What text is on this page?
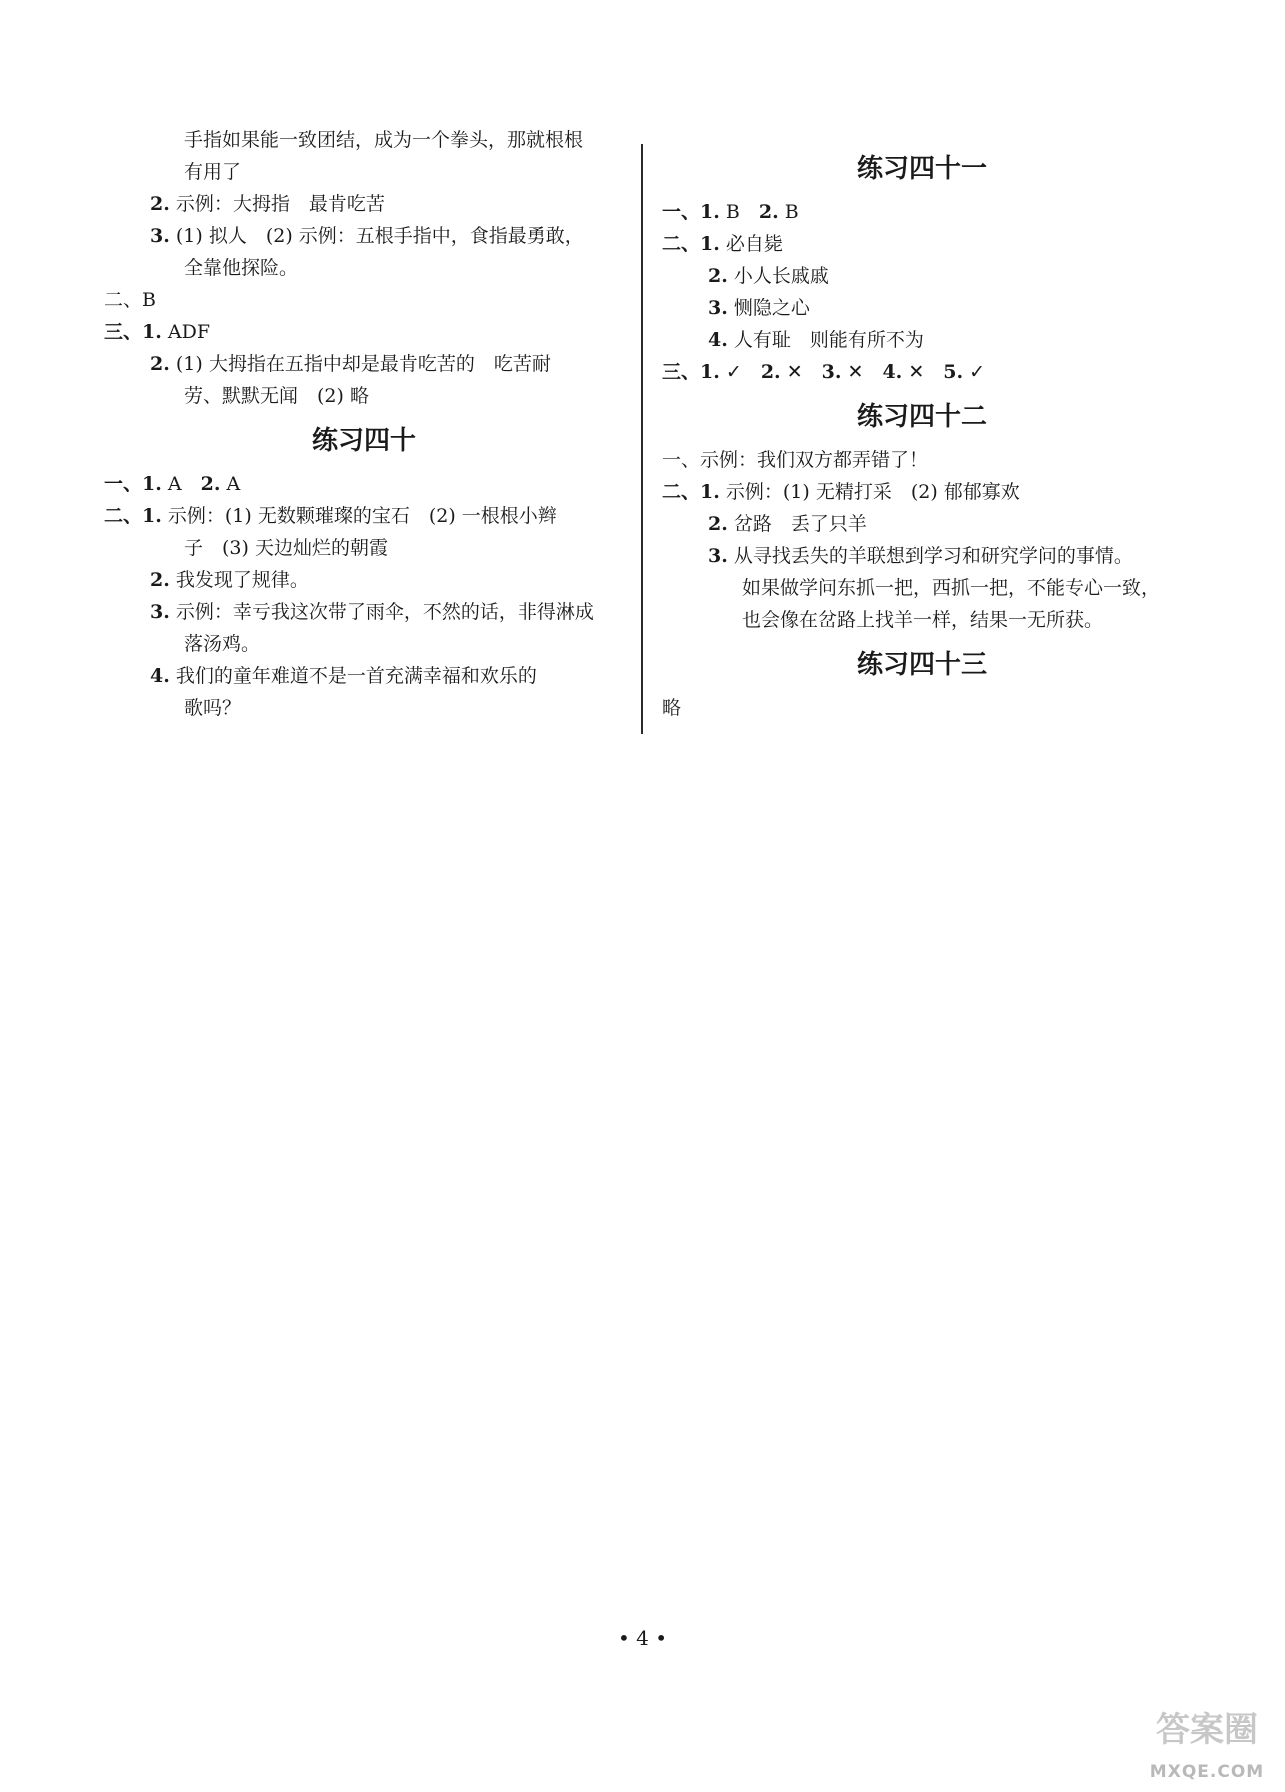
手指如果能一致团结，成为一个拳头，那就根根
有用了
2. 示例：大拇指　最肯吃苦
3. (1) 拟人　(2) 示例：五根手指中，食指最勇敢，
全靠他探险。
二、B
三、1. ADF
2. (1) 大拇指在五指中却是最肯吃苦的　吃苦耐
劳、默默无闻　(2) 略
练习四十
一、1. A　2. A
二、1. 示例：(1) 无数颗璀璨的宝石　(2) 一根根小辫
子　(3) 天边灿烂的朝霞
2. 我发现了规律。
3. 示例：幸亏我这次带了雨伞，不然的话，非得淋成
落汤鸡。
4. 我们的童年难道不是一首充满幸福和欢乐的
歌吗？
练习四十一
一、1. B　2. B
二、1. 必自毙
2. 小人长戚戚
3. 恻隐之心
4. 人有耻　则能有所不为
三、1. ✓　2. ✕　3. ✕　4. ✕　5. ✓
练习四十二
一、示例：我们双方都弄错了！
二、1. 示例：(1) 无精打采　(2) 郁郁寡欢
2. 岔路　丢了只羊
3. 从寻找丢失的羊联想到学习和研究学问的事情。
如果做学问东抓一把，西抓一把，不能专心一致，
也会像在岔路上找羊一样，结果一无所获。
练习四十三
略
• 4 •
答案圈
MXQE.COM
